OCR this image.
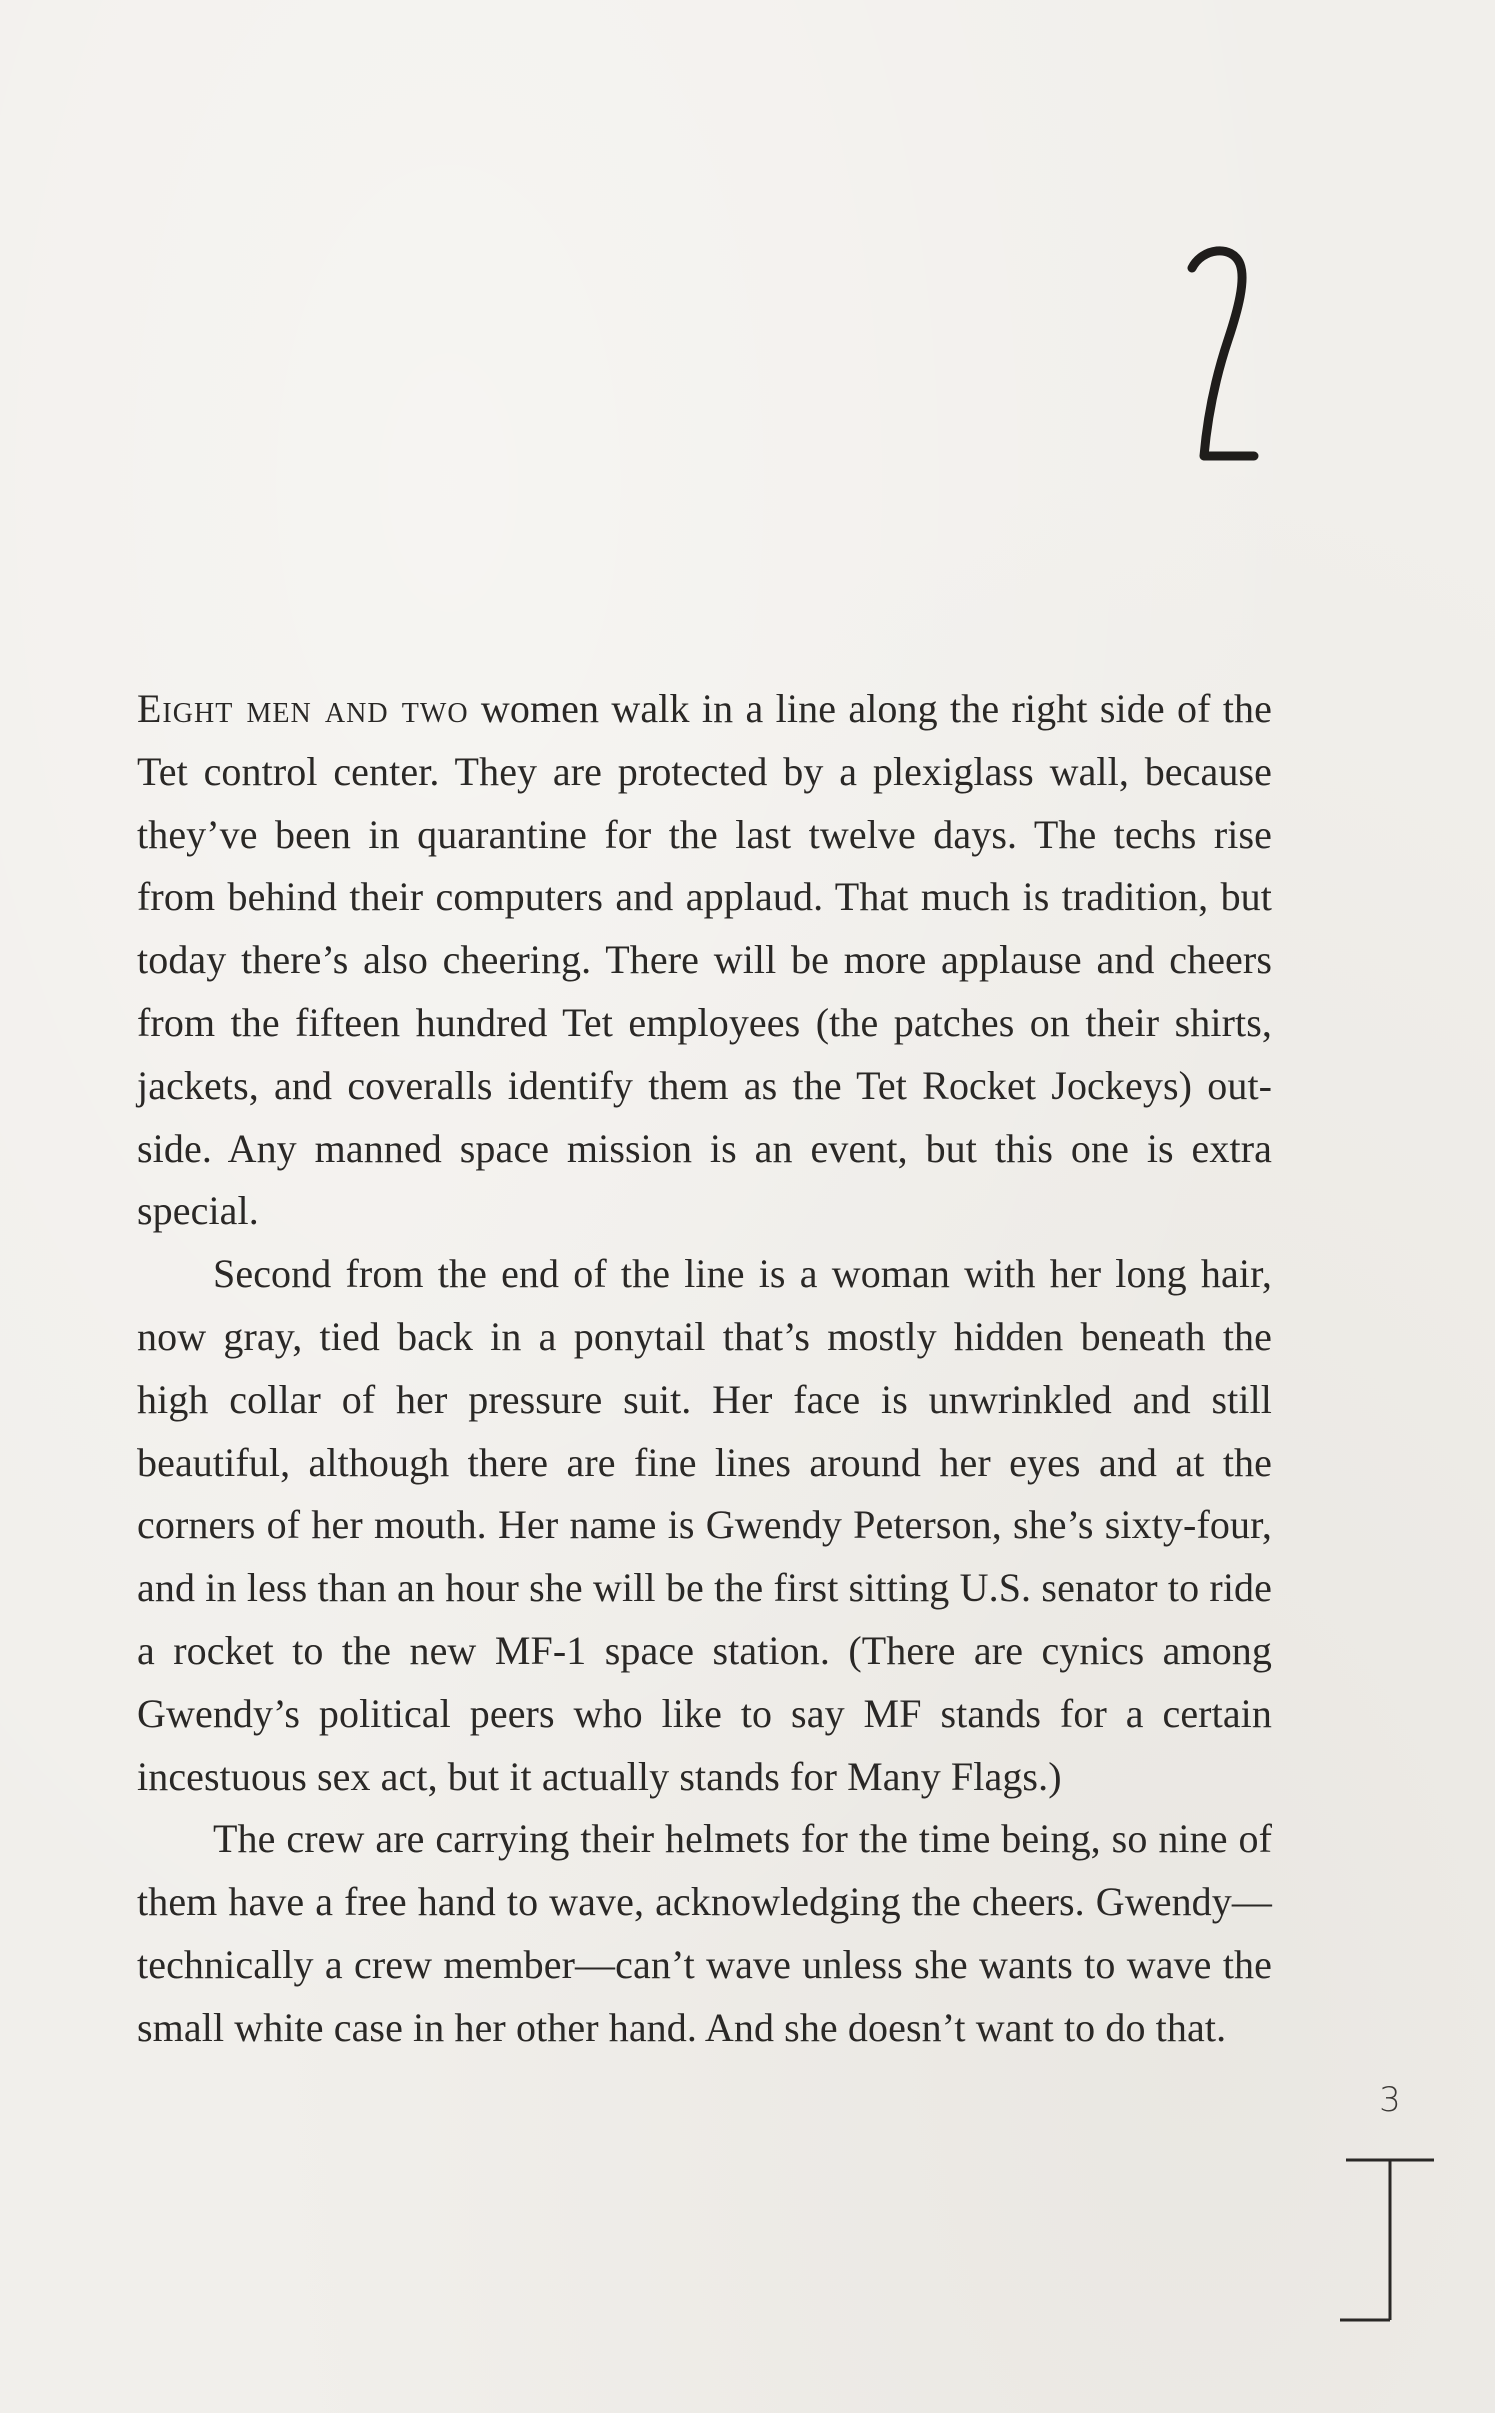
Eight men and two women walk in a line along the right side of the Tet control center. They are protected by a plexiglass wall, because they’ve been in quarantine for the last twelve days. The techs rise from behind their computers and applaud. That much is tradition, but today there’s also cheering. There will be more applause and cheers from the fifteen hundred Tet employees (the patches on their shirts, jackets, and coveralls identify them as the Tet Rocket Jockeys) outside. Any manned space mission is an event, but this one is extra special.

Second from the end of the line is a woman with her long hair, now gray, tied back in a ponytail that’s mostly hidden beneath the high collar of her pressure suit. Her face is unwrinkled and still beautiful, although there are fine lines around her eyes and at the corners of her mouth. Her name is Gwendy Peterson, she’s sixty-four, and in less than an hour she will be the first sitting U.S. senator to ride a rocket to the new MF-1 space station. (There are cynics among Gwendy’s political peers who like to say MF stands for a certain incestuous sex act, but it actually stands for Many Flags.)

The crew are carrying their helmets for the time being, so nine of them have a free hand to wave, acknowledging the cheers. Gwendy—technically a crew member—can’t wave unless she wants to wave the small white case in her other hand. And she doesn’t want to do that.

3
